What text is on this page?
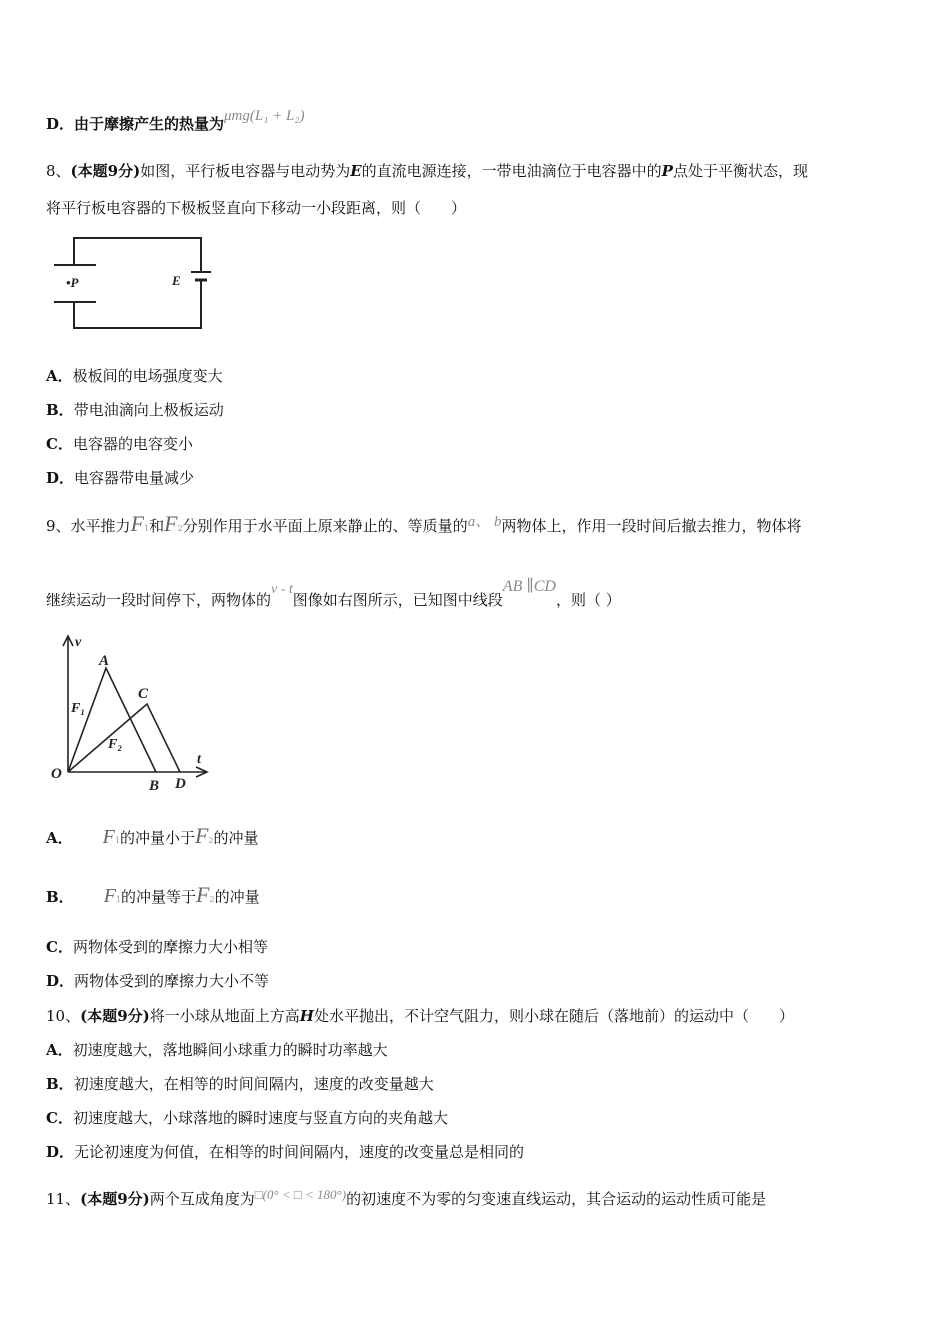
D．由于摩擦产生的热量为μmg(L₁ + L₂)
8、(本题9分)如图，平行板电容器与电动势为E的直流电源连接，一带电油滴位于电容器中的P点处于平衡状态，现
将平行板电容器的下极板竖直向下移动一小段距离，则（　　）
•P	E
A．极板间的电场强度变大
B．带电油滴向上极板运动
C．电容器的电容变小
D．电容器带电量减少
9、水平推力F1和F2分别作用于水平面上原来静止的、等质量的a、 b两物体上，作用一段时间后撤去推力，物体将
继续运动一段时间停下，两物体的v - t图像如右图所示，已知图中线段AB ∥CD，则（ ）
v
t
A
C
O
B D
F₁
F₂
A． F1的冲量小于F2的冲量
B． F1的冲量等于F2的冲量
C．两物体受到的摩擦力大小相等
D．两物体受到的摩擦力大小不等
10、(本题9分)将一小球从地面上方高H处水平抛出，不计空气阻力，则小球在随后（落地前）的运动中（　　）
A．初速度越大，落地瞬间小球重力的瞬时功率越大
B．初速度越大，在相等的时间间隔内，速度的改变量越大
C．初速度越大，小球落地的瞬时速度与竖直方向的夹角越大
D．无论初速度为何值，在相等的时间间隔内，速度的改变量总是相同的
11、(本题9分)两个互成角度为□(0° < □ < 180°)的初速度不为零的匀变速直线运动，其合运动的运动性质可能是
